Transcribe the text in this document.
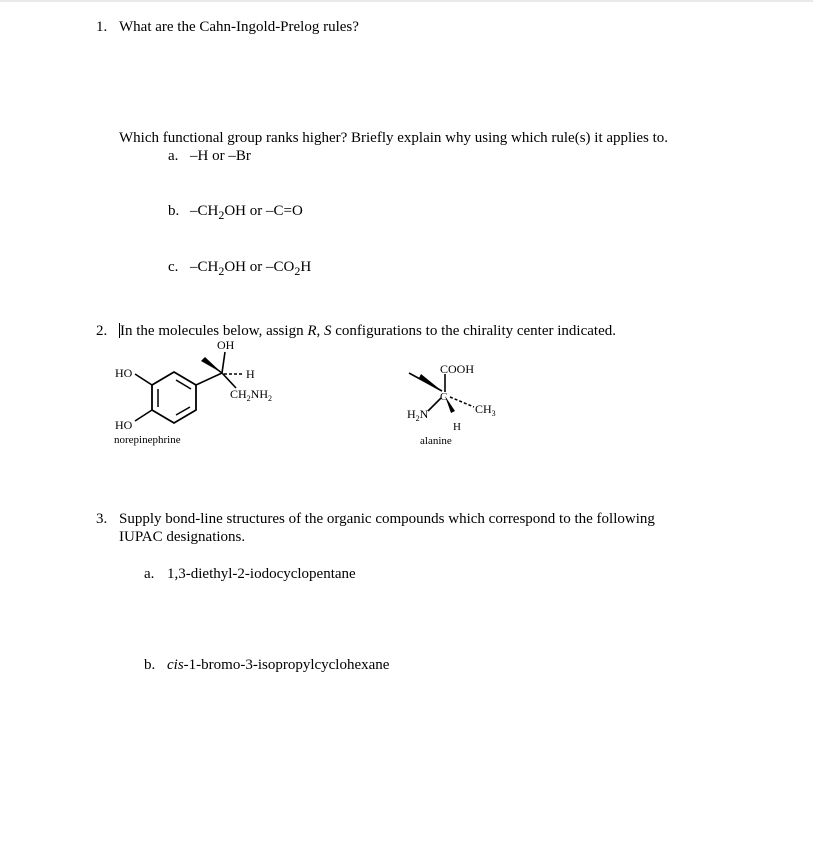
1. What are the Cahn-Ingold-Prelog rules?
Which functional group ranks higher? Briefly explain why using which rule(s) it applies to.
a. –H or –Br
b. $-CH_2OH$ or –C=O
c. $-CH_2OH$ or $-CO_2H$
2. In the molecules below, assign R, S configurations to the chirality center indicated.
OH
HO
HO
H
$CH_2NH_2$
norepinephrine
COOH
C
$CH_3$
$H_2N$
H
alanine
3. Supply bond-line structures of the organic compounds which correspond to the following
IUPAC designations.
a. 1,3-diethyl-2-iodocyclopentane
b. cis-1-bromo-3-isopropylcyclohexane
